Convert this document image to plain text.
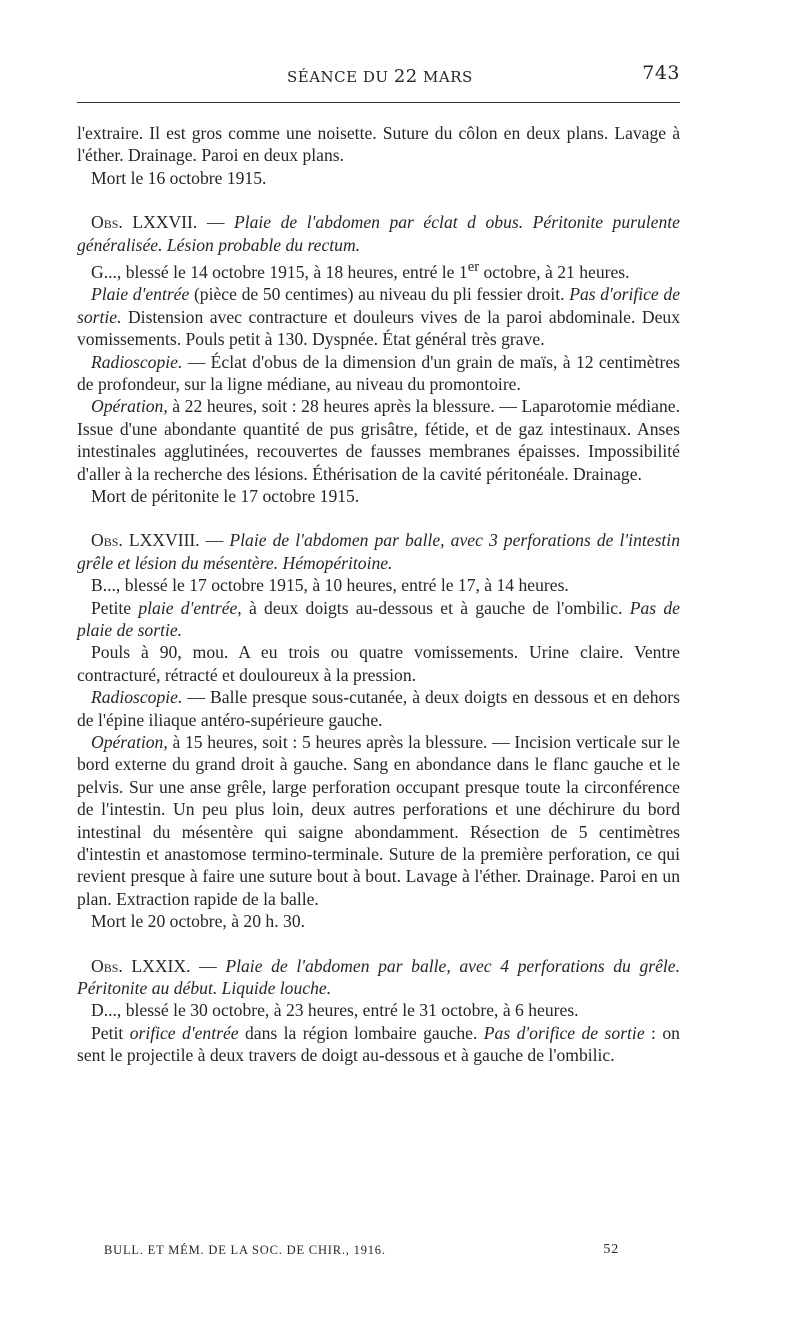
SÉANCE DU 22 MARS	743

l'extraire. Il est gros comme une noisette. Suture du côlon en deux plans. Lavage à l'éther. Drainage. Paroi en deux plans.

Mort le 16 octobre 1915.

Obs. LXXVII. — Plaie de l'abdomen par éclat d obus. Péritonite purulente généralisée. Lésion probable du rectum.

G..., blessé le 14 octobre 1915, à 18 heures, entré le 1er octobre, à 21 heures.

Plaie d'entrée (pièce de 50 centimes) au niveau du pli fessier droit. Pas d'orifice de sortie. Distension avec contracture et douleurs vives de la paroi abdominale. Deux vomissements. Pouls petit à 130. Dyspnée. État général très grave.

Radioscopie. — Éclat d'obus de la dimension d'un grain de maïs, à 12 centimètres de profondeur, sur la ligne médiane, au niveau du promontoire.

Opération, à 22 heures, soit : 28 heures après la blessure. — Laparotomie médiane. Issue d'une abondante quantité de pus grisâtre, fétide, et de gaz intestinaux. Anses intestinales agglutinées, recouvertes de fausses membranes épaisses. Impossibilité d'aller à la recherche des lésions. Éthérisation de la cavité péritonéale. Drainage.

Mort de péritonite le 17 octobre 1915.

Obs. LXXVIII. — Plaie de l'abdomen par balle, avec 3 perforations de l'intestin grêle et lésion du mésentère. Hémopéritoine.

B..., blessé le 17 octobre 1915, à 10 heures, entré le 17, à 14 heures.

Petite plaie d'entrée, à deux doigts au-dessous et à gauche de l'ombilic. Pas de plaie de sortie.

Pouls à 90, mou. A eu trois ou quatre vomissements. Urine claire. Ventre contracturé, rétracté et douloureux à la pression.

Radioscopie. — Balle presque sous-cutanée, à deux doigts en dessous et en dehors de l'épine iliaque antéro-supérieure gauche.

Opération, à 15 heures, soit : 5 heures après la blessure. — Incision verticale sur le bord externe du grand droit à gauche. Sang en abondance dans le flanc gauche et le pelvis. Sur une anse grêle, large perforation occupant presque toute la circonférence de l'intestin. Un peu plus loin, deux autres perforations et une déchirure du bord intestinal du mésentère qui saigne abondamment. Résection de 5 centimètres d'intestin et anastomose termino-terminale. Suture de la première perforation, ce qui revient presque à faire une suture bout à bout. Lavage à l'éther. Drainage. Paroi en un plan. Extraction rapide de la balle.

Mort le 20 octobre, à 20 h. 30.

Obs. LXXIX. — Plaie de l'abdomen par balle, avec 4 perforations du grêle. Péritonite au début. Liquide louche.

D..., blessé le 30 octobre, à 23 heures, entré le 31 octobre, à 6 heures.

Petit orifice d'entrée dans la région lombaire gauche. Pas d'orifice de sortie : on sent le projectile à deux travers de doigt au-dessous et à gauche de l'ombilic.

BULL. ET MÉM. DE LA SOC. DE CHIR., 1916.	52
